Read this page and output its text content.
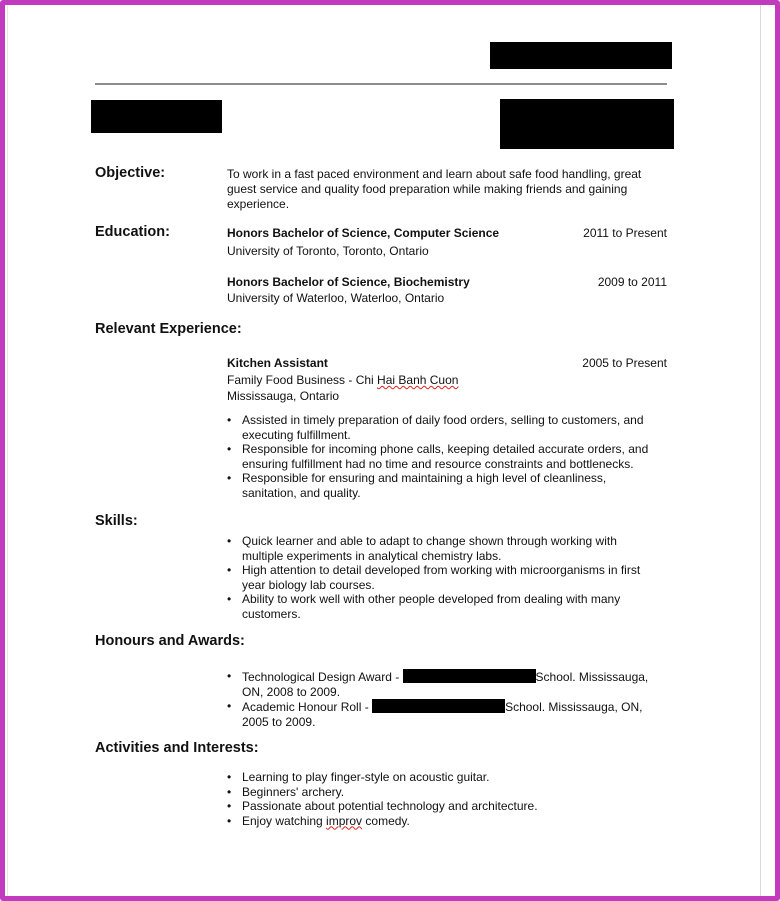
Objective:	To work in a fast paced environment and learn about safe food handling, great
guest service and quality food preparation while making friends and gaining
experience.
Education:	Honors Bachelor of Science, Computer Science	2011 to Present
University of Toronto, Toronto, Ontario
Honors Bachelor of Science, Biochemistry	2009 to 2011
University of Waterloo, Waterloo, Ontario
Relevant Experience:
Kitchen Assistant	2005 to Present
Family Food Business - Chi Hai Banh Cuon
Mississauga, Ontario
• Assisted in timely preparation of daily food orders, selling to customers, and
executing fulfillment.
• Responsible for incoming phone calls, keeping detailed accurate orders, and
ensuring fulfillment had no time and resource constraints and bottlenecks.
• Responsible for ensuring and maintaining a high level of cleanliness,
sanitation, and quality.
Skills:
• Quick learner and able to adapt to change shown through working with
multiple experiments in analytical chemistry labs.
• High attention to detail developed from working with microorganisms in first
year biology lab courses.
• Ability to work well with other people developed from dealing with many
customers.
Honours and Awards:
• Technological Design Award -	School. Mississauga,
ON, 2008 to 2009.
• Academic Honour Roll -	School. Mississauga, ON,
2005 to 2009.
Activities and Interests:
• Learning to play finger-style on acoustic guitar.
• Beginners' archery.
• Passionate about potential technology and architecture.
• Enjoy watching improv comedy.
